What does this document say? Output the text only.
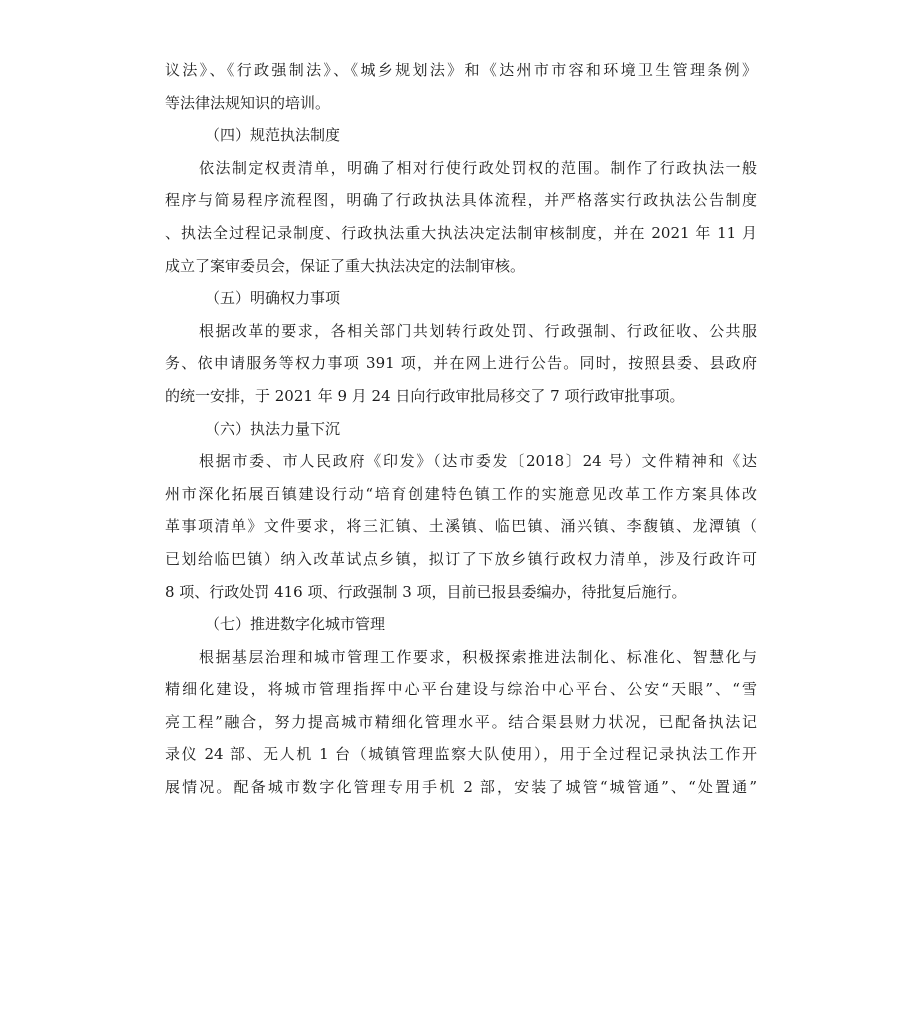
议法》、《行政强制法》、《城乡规划法》和《达州市市容和环境卫生管理条例》
等法律法规知识的培训。
（四）规范执法制度
依法制定权责清单，明确了相对行使行政处罚权的范围。制作了行政执法一般
程序与简易程序流程图，明确了行政执法具体流程，并严格落实行政执法公告制度
、执法全过程记录制度、行政执法重大执法决定法制审核制度，并在 2021 年 11 月
成立了案审委员会，保证了重大执法决定的法制审核。
（五）明确权力事项
根据改革的要求，各相关部门共划转行政处罚、行政强制、行政征收、公共服
务、依申请服务等权力事项 391 项，并在网上进行公告。同时，按照县委、县政府
的统一安排，于 2021 年 9 月 24 日向行政审批局移交了 7 项行政审批事项。
（六）执法力量下沉
根据市委、市人民政府《印发》（达市委发〔2018〕24 号）文件精神和《达
州市深化拓展百镇建设行动“培育创建特色镇工作的实施意见改革工作方案具体改
革事项清单》文件要求，将三汇镇、土溪镇、临巴镇、涌兴镇、李馥镇、龙潭镇（
已划给临巴镇）纳入改革试点乡镇，拟订了下放乡镇行政权力清单，涉及行政许可
8 项、行政处罚 416 项、行政强制 3 项，目前已报县委编办，待批复后施行。
（七）推进数字化城市管理
根据基层治理和城市管理工作要求，积极探索推进法制化、标准化、智慧化与
精细化建设，将城市管理指挥中心平台建设与综治中心平台、公安“天眼”、“雪
亮工程”融合，努力提高城市精细化管理水平。结合渠县财力状况，已配备执法记
录仪 24 部、无人机 1 台（城镇管理监察大队使用），用于全过程记录执法工作开
展情况。配备城市数字化管理专用手机 2 部，安装了城管“城管通”、“处置通”
